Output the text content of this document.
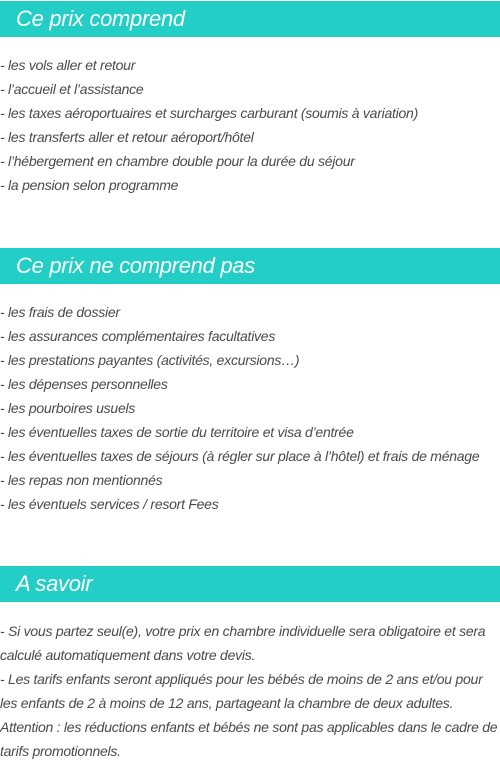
Ce prix comprend
- les vols aller et retour
- l’accueil et l’assistance
- les taxes aéroportuaires et surcharges carburant (soumis à variation)
- les transferts aller et retour aéroport/hôtel
- l’hébergement en chambre double pour la durée du séjour
- la pension selon programme
Ce prix ne comprend pas
- les frais de dossier
- les assurances complémentaires facultatives
- les prestations payantes (activités, excursions…)
- les dépenses personnelles
- les pourboires usuels
- les éventuelles taxes de sortie du territoire et visa d’entrée
- les éventuelles taxes de séjours (à régler sur place à l’hôtel) et frais de ménage
- les repas non mentionnés
- les éventuels services / resort Fees
A savoir

- Si vous partez seul(e), votre prix en chambre individuelle sera obligatoire et sera calculé automatiquement dans votre devis.

- Les tarifs enfants seront appliqués pour les bébés de moins de 2 ans et/ou pour les enfants de 2 à moins de 12 ans, partageant la chambre de deux adultes.

Attention : les réductions enfants et bébés ne sont pas applicables dans le cadre de tarifs promotionnels.
